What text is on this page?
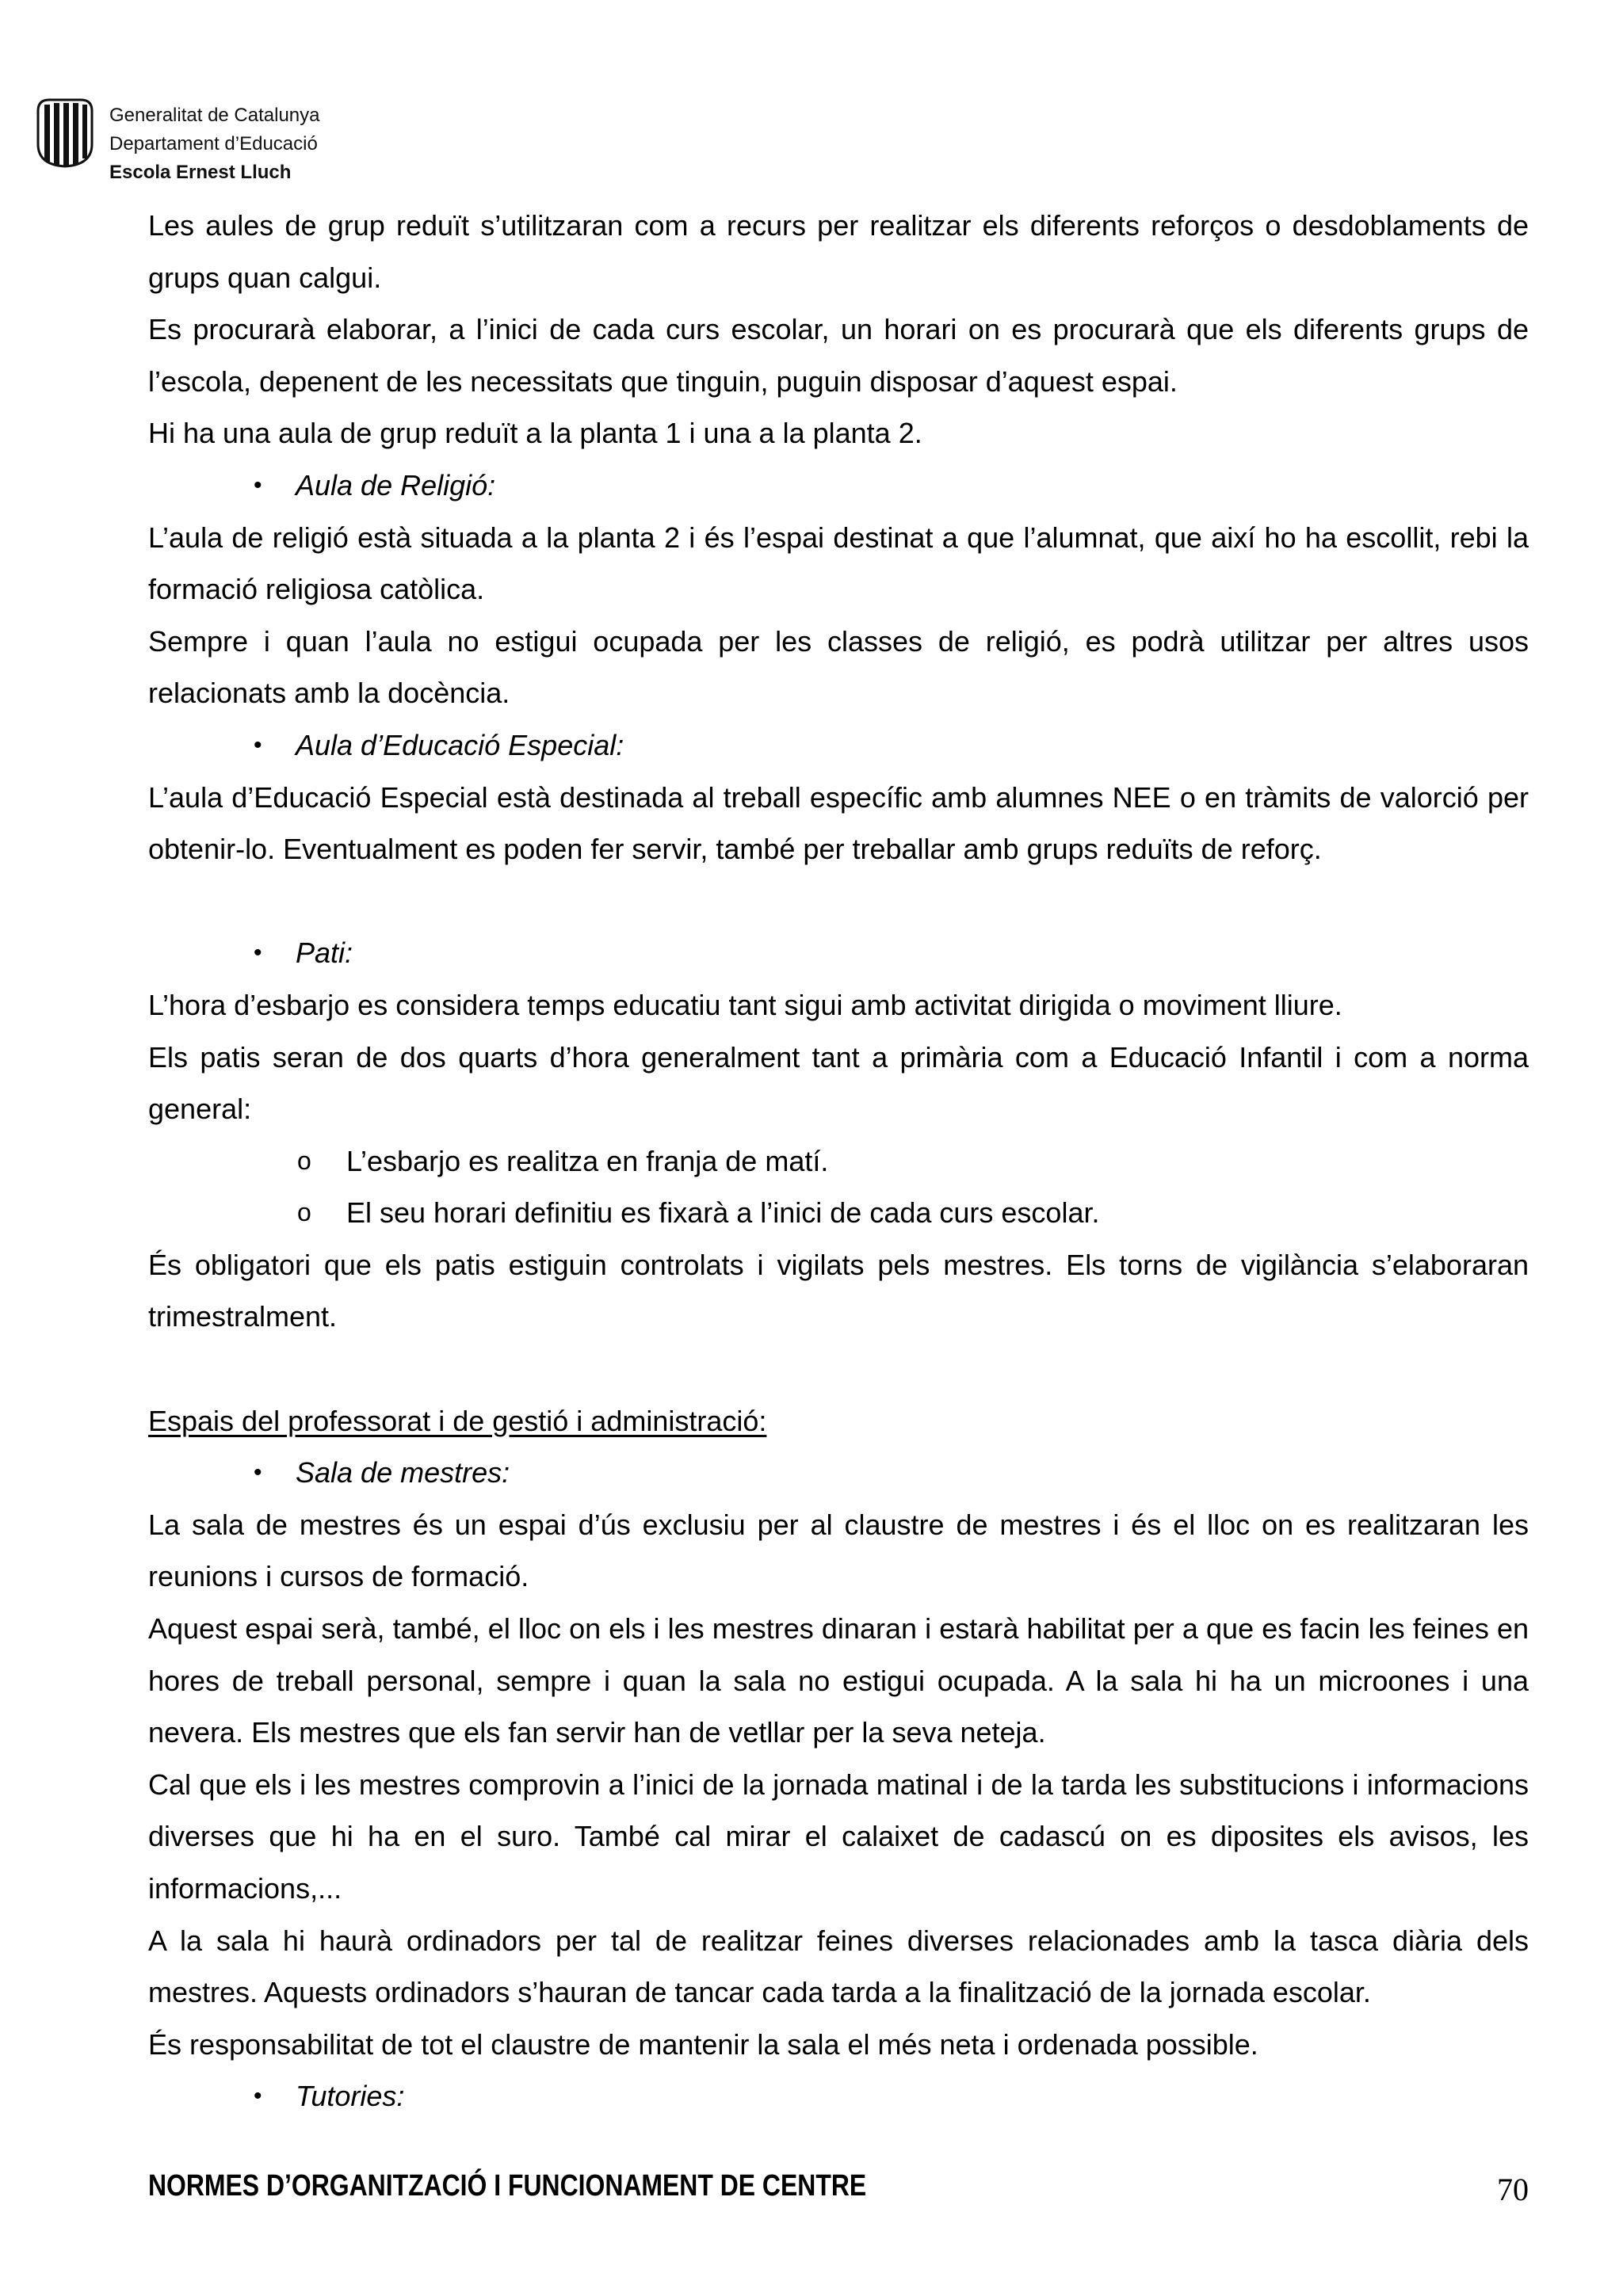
Generalitat de Catalunya
Departament d’Educació
Escola Ernest Lluch
Les aules de grup reduït s’utilitzaran com a recurs per realitzar els diferents reforços o desdoblaments de grups quan calgui.
Es procurarà elaborar, a l’inici de cada curs escolar, un horari on es procurarà que els diferents grups de l’escola, depenent de les necessitats que tinguin, puguin disposar d’aquest espai.
Hi ha una aula de grup reduït a la planta 1 i una a la planta 2.
• Aula de Religió:
L’aula de religió està situada a la planta 2 i és l’espai destinat a que l’alumnat, que així ho ha escollit, rebi la formació religiosa catòlica.
Sempre i quan l’aula no estigui ocupada per les classes de religió, es podrà utilitzar per altres usos relacionats amb la docència.
• Aula d’Educació Especial:
L’aula d’Educació Especial està destinada al treball específic amb alumnes NEE o en tràmits de valorció per obtenir-lo. Eventualment es poden fer servir, també per treballar amb grups reduïts de reforç.
• Pati:
L’hora d’esbarjo es considera temps educatiu tant sigui amb activitat dirigida o moviment lliure.
Els patis seran de dos quarts d’hora generalment tant a primària com a Educació Infantil i com a norma general:
o L’esbarjo es realitza en franja de matí.
o El seu horari definitiu es fixarà a l’inici de cada curs escolar.
És obligatori que els patis estiguin controlats i vigilats pels mestres. Els torns de vigilància s’elaboraran trimestralment.
Espais del professorat i de gestió i administració:
• Sala de mestres:
La sala de mestres és un espai d’ús exclusiu per al claustre de mestres i és el lloc on es realitzaran les reunions i cursos de formació.
Aquest espai serà, també, el lloc on els i les mestres dinaran i estarà habilitat per a que es facin les feines en hores de treball personal, sempre i quan la sala no estigui ocupada. A la sala hi ha un microones i una nevera. Els mestres que els fan servir han de vetllar per la seva neteja.
Cal que els i les mestres comprovin a l’inici de la jornada matinal i de la tarda les substitucions i informacions diverses que hi ha en el suro. També cal mirar el calaixet de cadascú on es diposites els avisos, les informacions,...
A la sala hi haurà ordinadors per tal de realitzar feines diverses relacionades amb la tasca diària dels mestres. Aquests ordinadors s’hauran de tancar cada tarda a la finalització de la jornada escolar.
És responsabilitat de tot el claustre de mantenir la sala el més neta i ordenada possible.
• Tutories:
NORMES D’ORGANITZACIÓ I FUNCIONAMENT DE CENTRE	70
